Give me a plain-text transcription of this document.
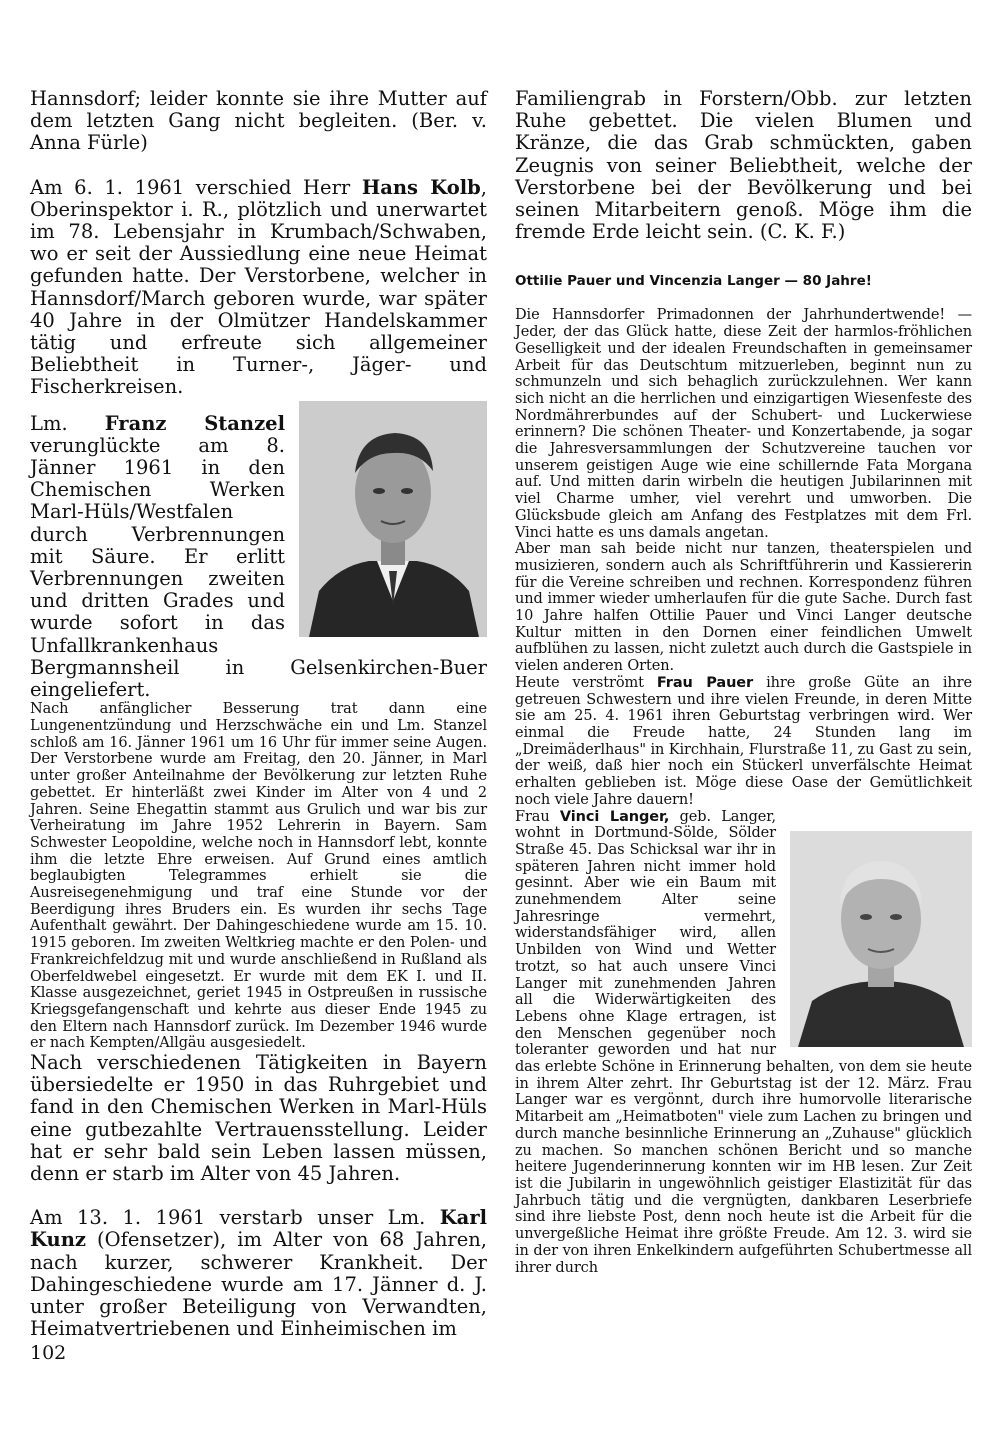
Hannsdorf; leider konnte sie ihre Mutter auf dem letzten Gang nicht begleiten. (Ber. v. Anna Fürle)

Am 6. 1. 1961 verschied Herr Hans Kolb, Oberinspektor i. R., plötzlich und unerwartet im 78. Lebensjahr in Krumbach/Schwaben, wo er seit der Aussiedlung eine neue Heimat gefunden hatte. Der Verstorbene, welcher in Hannsdorf/March geboren wurde, war später 40 Jahre in der Olmützer Handelskammer tätig und erfreute sich allgemeiner Beliebtheit in Turner-, Jäger- und Fischerkreisen.

Lm. Franz Stanzel verunglückte am 8. Jänner 1961 in den Chemischen Werken Marl-Hüls/Westfalen durch Verbrennungen mit Säure. Er erlitt Verbrennungen zweiten und dritten Grades und wurde sofort in das Unfallkrankenhaus Bergmannsheil in Gelsenkirchen-Buer eingeliefert.

Nach anfänglicher Besserung trat dann eine Lungenentzündung und Herzschwäche ein und Lm. Stanzel schloß am 16. Jänner 1961 um 16 Uhr für immer seine Augen. Der Verstorbene wurde am Freitag, den 20. Jänner, in Marl unter großer Anteilnahme der Bevölkerung zur letzten Ruhe gebettet. Er hinterläßt zwei Kinder im Alter von 4 und 2 Jahren. Seine Ehegattin stammt aus Grulich und war bis zur Verheiratung im Jahre 1952 Lehrerin in Bayern. Sam Schwester Leopoldine, welche noch in Hannsdorf lebt, konnte ihm die letzte Ehre erweisen. Auf Grund eines amtlich beglaubigten Telegrammes erhielt sie die Ausreisegenehmigung und traf eine Stunde vor der Beerdigung ihres Bruders ein. Es wurden ihr sechs Tage Aufenthalt gewährt. Der Dahingeschiedene wurde am 15. 10. 1915 geboren. Im zweiten Weltkrieg machte er den Polen- und Frankreichfeldzug mit und wurde anschließend in Rußland als Oberfeldwebel eingesetzt. Er wurde mit dem EK I. und II. Klasse ausgezeichnet, geriet 1945 in Ostpreußen in russische Kriegsgefangenschaft und kehrte aus dieser Ende 1945 zu den Eltern nach Hannsdorf zurück. Im Dezember 1946 wurde er nach Kempten/Allgäu ausgesiedelt.

Nach verschiedenen Tätigkeiten in Bayern übersiedelte er 1950 in das Ruhrgebiet und fand in den Chemischen Werken in Marl-Hüls eine gutbezahlte Vertrauensstellung. Leider hat er sehr bald sein Leben lassen müssen, denn er starb im Alter von 45 Jahren.

Am 13. 1. 1961 verstarb unser Lm. Karl Kunz (Ofensetzer), im Alter von 68 Jahren, nach kurzer, schwerer Krankheit. Der Dahingeschiedene wurde am 17. Jänner d. J. unter großer Beteiligung von Verwandten, Heimatvertriebenen und Einheimischen im

Familiengrab in Forstern/Obb. zur letzten Ruhe gebettet. Die vielen Blumen und Kränze, die das Grab schmückten, gaben Zeugnis von seiner Beliebtheit, welche der Verstorbene bei der Bevölkerung und bei seinen Mitarbeitern genoß. Möge ihm die fremde Erde leicht sein. (C. K. F.)

Ottilie Pauer und Vincenzia Langer — 80 Jahre!

Die Hannsdorfer Primadonnen der Jahrhundertwende! — Jeder, der das Glück hatte, diese Zeit der harmlos-fröhlichen Geselligkeit und der idealen Freundschaften in gemeinsamer Arbeit für das Deutschtum mitzuerleben, beginnt nun zu schmunzeln und sich behaglich zurückzulehnen. Wer kann sich nicht an die herrlichen und einzigartigen Wiesenfeste des Nordmährerbundes auf der Schubert- und Luckerwiese erinnern? Die schönen Theater- und Konzertabende, ja sogar die Jahresversammlungen der Schutzvereine tauchen vor unserem geistigen Auge wie eine schillernde Fata Morgana auf. Und mitten darin wirbeln die heutigen Jubilarinnen mit viel Charme umher, viel verehrt und umworben. Die Glücksbude gleich am Anfang des Festplatzes mit dem Frl. Vinci hatte es uns damals angetan.

Aber man sah beide nicht nur tanzen, theaterspielen und musizieren, sondern auch als Schriftführerin und Kassiererin für die Vereine schreiben und rechnen. Korrespondenz führen und immer wieder umherlaufen für die gute Sache. Durch fast 10 Jahre halfen Ottilie Pauer und Vinci Langer deutsche Kultur mitten in den Dornen einer feindlichen Umwelt aufblühen zu lassen, nicht zuletzt auch durch die Gastspiele in vielen anderen Orten.

Heute verströmt Frau Pauer ihre große Güte an ihre getreuen Schwestern und ihre vielen Freunde, in deren Mitte sie am 25. 4. 1961 ihren Geburtstag verbringen wird. Wer einmal die Freude hatte, 24 Stunden lang im „Dreimäderlhaus" in Kirchhain, Flurstraße 11, zu Gast zu sein, der weiß, daß hier noch ein Stückerl unverfälschte Heimat erhalten geblieben ist. Möge diese Oase der Gemütlichkeit noch viele Jahre dauern!

Frau Vinci Langer, geb. Langer, wohnt in Dortmund-Sölde, Sölder Straße 45. Das Schicksal war ihr in späteren Jahren nicht immer hold gesinnt. Aber wie ein Baum mit zunehmendem Alter seine Jahresringe vermehrt, widerstandsfähiger wird, allen Unbilden von Wind und Wetter trotzt, so hat auch unsere Vinci Langer mit zunehmenden Jahren all die Widerwärtigkeiten des Lebens ohne Klage ertragen, ist den Menschen gegenüber noch toleranter geworden und hat nur das erlebte Schöne in Erinnerung behalten, von dem sie heute in ihrem Alter zehrt. Ihr Geburtstag ist der 12. März. Frau Langer war es vergönnt, durch ihre humorvolle literarische Mitarbeit am „Heimatboten" viele zum Lachen zu bringen und durch manche besinnliche Erinnerung an „Zuhause" glücklich zu machen. So manchen schönen Bericht und so manche heitere Jugenderinnerung konnten wir im HB lesen. Zur Zeit ist die Jubilarin in ungewöhnlich geistiger Elastizität für das Jahrbuch tätig und die vergnügten, dankbaren Leserbriefe sind ihre liebste Post, denn noch heute ist die Arbeit für die unvergeßliche Heimat ihre größte Freude. Am 12. 3. wird sie in der von ihren Enkelkindern aufgeführten Schubertmesse all ihrer durch

102
